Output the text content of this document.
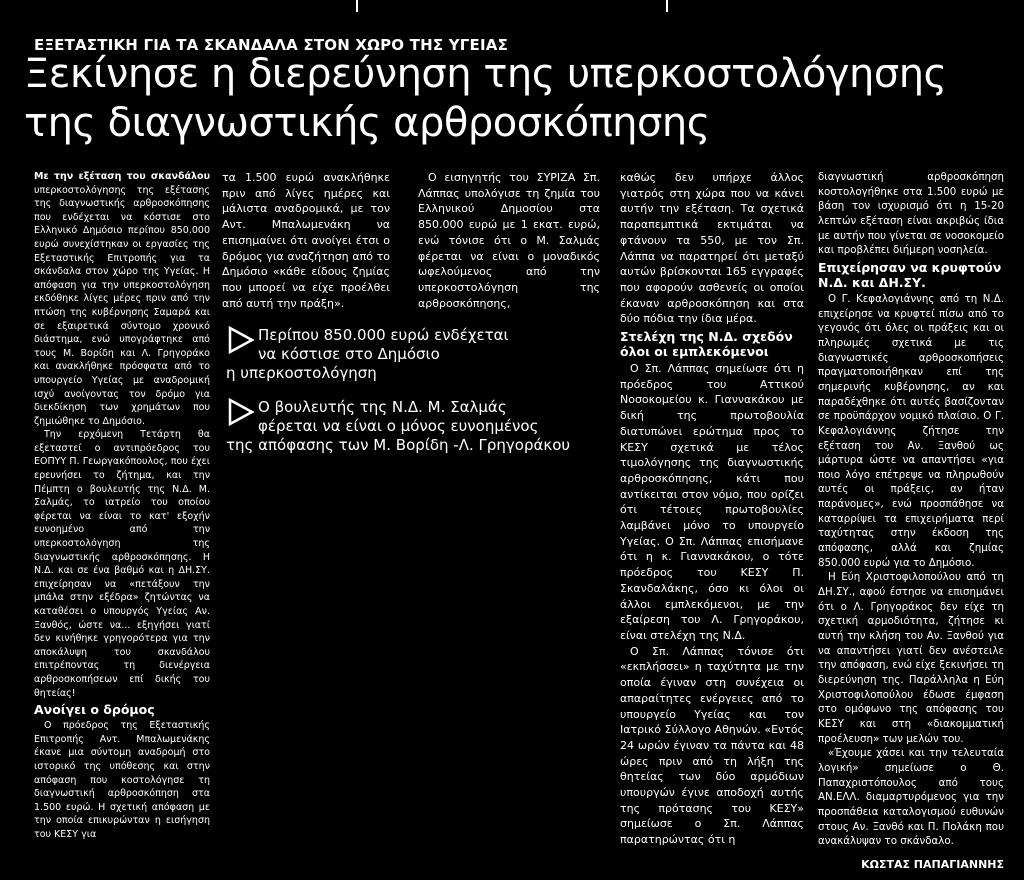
ΕΞΕΤΑΣΤΙΚΗ ΓΙΑ ΤΑ ΣΚΑΝΔΑΛΑ ΣΤΟΝ ΧΩΡΟ ΤΗΣ ΥΓΕΙΑΣ
Ξεκίνησε η διερεύνηση της υπερκοστολόγησης της διαγνωστικής αρθροσκόπησης

Με την εξέταση του σκανδάλου υπερκοστολόγησης της εξέτασης της διαγνωστικής αρθροσκόπησης που ενδέχεται να κόστισε στο Ελληνικό Δημόσιο περίπου 850.000 ευρώ συνεχίστηκαν οι εργασίες της Εξεταστικής Επιτροπής για τα σκάνδαλα στον χώρο της Υγείας. Η απόφαση για την υπερκοστολόγηση εκδόθηκε λίγες μέρες πριν από την πτώση της κυβέρνησης Σαμαρά και σε εξαιρετικά σύντομο χρονικό διάστημα, ενώ υπογράφτηκε από τους Μ. Βορίδη και Λ. Γρηγοράκο και ανακλήθηκε πρόσφατα από το υπουργείο Υγείας με αναδρομική ισχύ ανοίγοντας τον δρόμο για διεκδίκηση των χρημάτων που ζημιώθηκε το Δημόσιο.

Την ερχόμενη Τετάρτη θα εξεταστεί ο αντιπρόεδρος του ΕΟΠΥΥ Π. Γεωργακόπουλος, που έχει ερευνήσει το ζήτημα, και την Πέμπτη ο βουλευτής της Ν.Δ. Μ. Σαλμάς, το ιατρείο του οποίου φέρεται να είναι το κατ' εξοχήν ευνοημένο από την υπερκοστολόγηση της διαγνωστικής αρθροσκόπησης. Η Ν.Δ. και σε ένα βαθμό και η ΔΗ.ΣΥ. επιχείρησαν να «πετάξουν την μπάλα στην εξέδρα» ζητώντας να καταθέσει ο υπουργός Υγείας Αν. Ξανθός, ώστε να... εξηγήσει γιατί δεν κινήθηκε γρηγορότερα για την αποκάλυψη του σκανδάλου επιτρέποντας τη διενέργεια αρθροσκοπήσεων επί δικής του θητείας!

Ανοίγει ο δρόμος

Ο πρόεδρος της Εξεταστικής Επιτροπής Αντ. Μπαλωμενάκης έκανε μια σύντομη αναδρομή στο ιστορικό της υπόθεσης και στην απόφαση που κοστολόγησε τη διαγνωστική αρθροσκόπηση στα 1.500 ευρώ. Η σχετική απόφαση με την οποία επικυρώνταν η εισήγηση του ΚΕΣΥ για

τα 1.500 ευρώ ανακλήθηκε πριν από λίγες ημέρες και μάλιστα αναδρομικά, με τον Αντ. Μπαλωμενάκη να επισημαίνει ότι ανοίγει έτσι ο δρόμος για αναζήτηση από το Δημόσιο «κάθε είδους ζημίας που μπορεί να είχε προέλθει από αυτή την πράξη».

Ο εισηγητής του ΣΥΡΙΖΑ Σπ. Λάππας υπολόγισε τη ζημία του Ελληνικού Δημοσίου στα 850.000 ευρώ με 1 εκατ. ευρώ, ενώ τόνισε ότι ο Μ. Σαλμάς φέρεται να είναι ο μοναδικός ωφελούμενος από την υπερκοστολόγηση της αρθροσκόπησης,

Περίπου 850.000 ευρώ ενδέχεται
να κόστισε στο Δημόσιο
η υπερκοστολόγηση
Ο βουλευτής της Ν.Δ. Μ. Σαλμάς
φέρεται να είναι ο μόνος ευνοημένος
της απόφασης των Μ. Βορίδη -Λ. Γρηγοράκου

καθώς δεν υπήρχε άλλος γιατρός στη χώρα που να κάνει αυτήν την εξέταση. Τα σχετικά παραπεμπτικά εκτιμάται να φτάνουν τα 550, με τον Σπ. Λάππα να παρατηρεί ότι μεταξύ αυτών βρίσκονται 165 εγγραφές που αφορούν ασθενείς οι οποίοι έκαναν αρθροσκόπηση και στα δύο πόδια την ίδια μέρα.

Στελέχη της Ν.Δ. σχεδόν όλοι οι εμπλεκόμενοι

Ο Σπ. Λάππας σημείωσε ότι η πρόεδρος του Αττικού Νοσοκομείου κ. Γιαννακάκου με δική της πρωτοβουλία διατυπώνει ερώτημα προς το ΚΕΣΥ σχετικά με τέλος τιμολόγησης της διαγνωστικής αρθροσκόπησης, κάτι που αντίκειται στον νόμο, που ορίζει ότι τέτοιες πρωτοβουλίες λαμβάνει μόνο το υπουργείο Υγείας. Ο Σπ. Λάππας επισήμανε ότι η κ. Γιαννακάκου, ο τότε πρόεδρος του ΚΕΣΥ Π. Σκανδαλάκης, όσο κι όλοι οι άλλοι εμπλεκόμενοι, με την εξαίρεση του Λ. Γρηγοράκου, είναι στελέχη της Ν.Δ.

Ο Σπ. Λάππας τόνισε ότι «εκπλήσσει» η ταχύτητα με την οποία έγιναν στη συνέχεια οι απαραίτητες ενέργειες από το υπουργείο Υγείας και τον Ιατρικό Σύλλογο Αθηνών. «Εντός 24 ωρών έγιναν τα πάντα και 48 ώρες πριν από τη λήξη της θητείας των δύο αρμόδιων υπουργών έγινε αποδοχή αυτής της πρότασης του ΚΕΣΥ» σημείωσε ο Σπ. Λάππας παρατηρώντας ότι η

διαγνωστική αρθροσκόπηση κοστολογήθηκε στα 1.500 ευρώ με βάση τον ισχυρισμό ότι η 15-20 λεπτών εξέταση είναι ακριβώς ίδια με αυτήν που γίνεται σε νοσοκομείο και προβλέπει διήμερη νοσηλεία.

Επιχείρησαν να κρυφτούν Ν.Δ. και ΔΗ.ΣΥ.

Ο Γ. Κεφαλογιάννης από τη Ν.Δ. επιχείρησε να κρυφτεί πίσω από το γεγονός ότι όλες οι πράξεις και οι πληρωμές σχετικά με τις διαγνωστικές αρθροσκοπήσεις πραγματοποιήθηκαν επί της σημερινής κυβέρνησης, αν και παραδέχθηκε ότι αυτές βασίζονταν σε προϋπάρχον νομικό πλαίσιο. Ο Γ. Κεφαλογιάννης ζήτησε την εξέταση του Αν. Ξανθού ως μάρτυρα ώστε να απαντήσει «για ποιο λόγο επέτρεψε να πληρωθούν αυτές οι πράξεις, αν ήταν παράνομες», ενώ προσπάθησε να καταρρίψει τα επιχειρήματα περί ταχύτητας στην έκδοση της απόφασης, αλλά και ζημίας 850.000 ευρώ για το Δημόσιο.

Η Εύη Χριστοφιλοπούλου από τη ΔΗ.ΣΥ., αφού έστησε να επισημάνει ότι ο Λ. Γρηγοράκος δεν είχε τη σχετική αρμοδιότητα, ζήτησε κι αυτή την κλήση του Αν. Ξανθού για να απαντήσει γιατί δεν ανέστειλε την απόφαση, ενώ είχε ξεκινήσει τη διερεύνηση της. Παράλληλα η Εύη Χριστοφιλοπούλου έδωσε έμφαση στο ομόφωνο της απόφασης του ΚΕΣΥ και στη «διακομματική προέλευση» των μελών του.

«Έχουμε χάσει και την τελευταία λογική» σημείωσε ο Θ. Παπαχριστόπουλος από τους ΑΝ.ΕΛΛ. διαμαρτυρόμενος για την προσπάθεια καταλογισμού ευθυνών στους Αν. Ξανθό και Π. Πολάκη που ανακάλυψαν το σκάνδαλο.

ΚΩΣΤΑΣ ΠΑΠΑΓΙΑΝΝΗΣ
